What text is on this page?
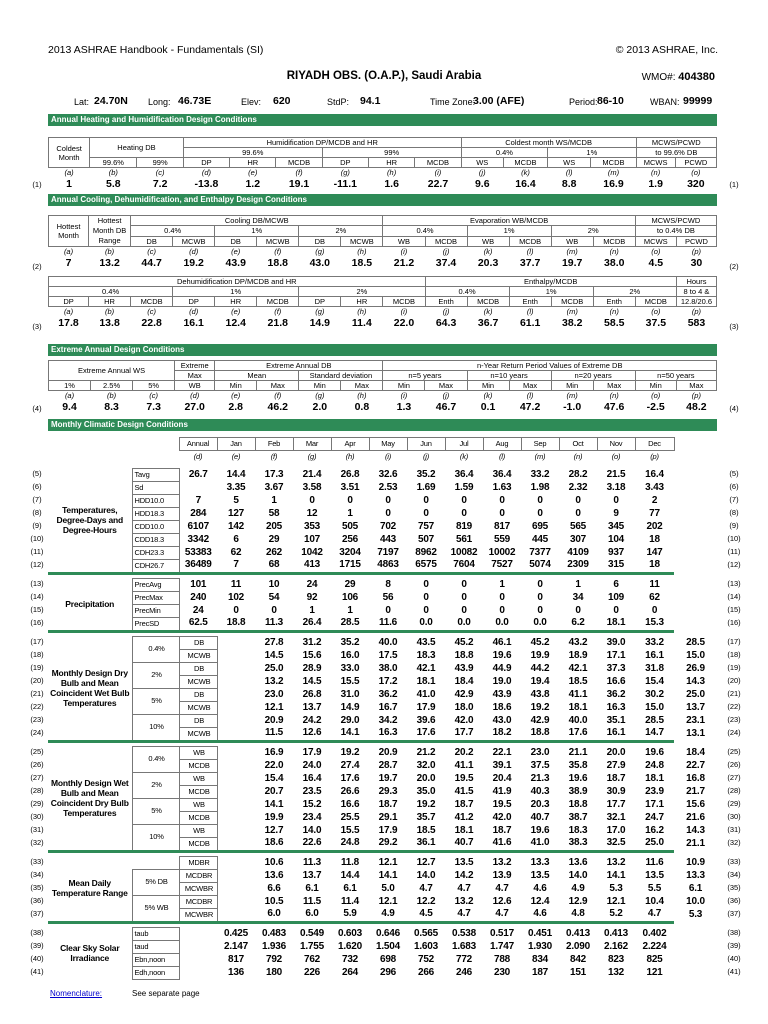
2013 ASHRAE Handbook - Fundamentals (SI)	© 2013 ASHRAE, Inc.
RIYADH OBS. (O.A.P.), Saudi Arabia	WMO#: 404380
Lat: 24.70N Long: 46.73E	Elev: 620	StdP: 94.1	Time Zone:
3.00 (AFE)	Period: 86-10	WBAN: 99999
Annual Heating and Humidification Design Conditions
Coldest Month	Heating DB		Humidification DP/MCDB and HR						Coldest month WS/MCDB				MCWS/PCWD	
			99.6%			99%			0.4%		1%		to 99.6% DB	
	99.6%	99%	DP	HR	MCDB	DP	HR	MCDB	WS	MCDB	WS	MCDB	MCWS	PCWD
(a)	(b)	(c)	(d)	(e)	(f)	(g)	(h)	(i)	(j)	(k)	(l)	(m)	(n)	(o)
1	5.8	7.2	-13.8	1.2	19.1	-11.1	1.6	22.7	9.6	16.4	8.8	16.9	1.9	320
(1)	(1)
Annual Cooling, Dehumidification, and Enthalpy Design Conditions
Hottest Month	Hottest Month DB Range	Cooling DB/MCWB						Evaporation WB/MCDB						MCWS/PCWD	
		0.4%		1%		2%		0.4%		1%		2%		to 0.4% DB	
		DB	MCWB	DB	MCWB	DB	MCWB	WB	MCDB	WB	MCDB	WB	MCDB	MCWS	PCWD
(a)	(b)	(c)	(d)	(e)	(f)	(g)	(h)	(i)	(j)	(k)	(l)	(m)	(n)	(o)	(p)
7	13.2	44.7	19.2	43.9	18.8	43.0	18.5	21.2	37.4	20.3	37.7	19.7	38.0	4.5	30
(2)	(2)
Dehumidification DP/MCDB and HR									Enthalpy/MCDB						Hours
0.4%			1%			2%			0.4%		1%		2%		8 to 4 &
DP	HR	MCDB	DP	HR	MCDB	DP	HR	MCDB	Enth	MCDB	Enth	MCDB	Enth	MCDB	12.8/20.6
(a)	(b)	(c)	(d)	(e)	(f)	(g)	(h)	(i)	(j)	(k)	(l)	(m)	(n)	(o)	(p)
17.8	13.8	22.8	16.1	12.4	21.8	14.9	11.4	22.0	64.3	36.7	61.1	38.2	58.5	37.5	583
(3)	(3)
Extreme Annual Design Conditions
Extreme Annual WS			Extreme	Extreme Annual DB				n-Year Return Period Values of Extreme DB							
			Max	Mean		Standard deviation		n=5 years		n=10 years		n=20 years		n=50 years	
1%	2.5%	5%	WB	Min	Max	Min	Max	Min	Max	Min	Max	Min	Max	Min	Max
(a)	(b)	(c)	(d)	(e)	(f)	(g)	(h)	(i)	(j)	(k)	(l)	(m)	(n)	(o)	(p)
9.4	8.3	7.3	27.0	2.8	46.2	2.0	0.8	1.3	46.7	0.1	47.2	-1.0	47.6	-2.5	48.2
(4)	(4)
Monthly Climatic Design Conditions
		Annual	Jan	Feb	Mar	Apr	May	Jun	Jul	Aug	Sep	Oct	Nov	Dec	
		(d)	(e)	(f)	(g)	(h)	(i)	(j)	(k)	(l)	(m)	(n)	(o)	(p)	

Temperatures, Degree-Days and Degree-Hours	Tavg	26.7	14.4	17.3	21.4	26.8	32.6	35.2	36.4	36.4	33.2	28.2	21.5	16.4	
	Sd		3.35	3.67	3.58	3.51	2.53	1.69	1.59	1.63	1.98	2.32	3.18	3.43	
	HDD10.0	7	5	1	0	0	0	0	0	0	0	0	0	2	
	HDD18.3	284	127	58	12	1	0	0	0	0	0	0	9	77	
	CDD10.0	6107	142	205	353	505	702	757	819	817	695	565	345	202	
	CDD18.3	3342	6	29	107	256	443	507	561	559	445	307	104	18	
	CDH23.3	53383	62	262	1042	3204	7197	8962	10082	10002	7377	4109	937	147	
	CDH26.7	36489	7	68	413	1715	4863	6575	7604	7527	5074	2309	315	18	

Precipitation	PrecAvg	101	11	10	24	29	8	0	0	1	0	1	6	11	
	PrecMax	240	102	54	92	106	56	0	0	0	0	34	109	62	
	PrecMin	24	0	0	1	1	0	0	0	0	0	0	0	0	
	PrecSD	62.5	18.8	11.3	26.4	28.5	11.6	0.0	0.0	0.0	0.0	6.2	18.1	15.3	

Monthly Design Dry Bulb and Mean Coincident Wet Bulb Temperatures	0.4%	DB		27.8	31.2	35.2	40.0	43.5	45.2	46.1	45.2	43.2	39.0	33.2	28.5
		MCWB		14.5	15.6	16.0	17.5	18.3	18.8	19.6	19.9	18.9	17.1	16.1	15.0
	2%	DB		25.0	28.9	33.0	38.0	42.1	43.9	44.9	44.2	42.1	37.3	31.8	26.9
		MCWB		13.2	14.5	15.5	17.2	18.1	18.4	19.0	19.4	18.5	16.6	15.4	14.3
	5%	DB		23.0	26.8	31.0	36.2	41.0	42.9	43.9	43.8	41.1	36.2	30.2	25.0
		MCWB		12.1	13.7	14.9	16.7	17.9	18.0	18.6	19.2	18.1	16.3	15.0	13.7
	10%	DB		20.9	24.2	29.0	34.2	39.6	42.0	43.0	42.9	40.0	35.1	28.5	23.1
		MCWB		11.5	12.6	14.1	16.3	17.6	17.7	18.2	18.8	17.6	16.1	14.7	13.1

Monthly Design Wet Bulb and Mean Coincident Dry Bulb Temperatures	0.4%	WB		16.9	17.9	19.2	20.9	21.2	20.2	22.1	23.0	21.1	20.0	19.6	18.4
		MCDB		22.0	24.0	27.4	28.7	32.0	41.1	39.1	37.5	35.8	27.9	24.8	22.7
	2%	WB		15.4	16.4	17.6	19.7	20.0	19.5	20.4	21.3	19.6	18.7	18.1	16.8
		MCDB		20.7	23.5	26.6	29.3	35.0	41.5	41.9	40.3	38.9	30.9	23.9	21.7
	5%	WB		14.1	15.2	16.6	18.7	19.2	18.7	19.5	20.3	18.8	17.7	17.1	15.6
		MCDB		19.9	23.4	25.5	29.1	35.7	41.2	42.0	40.7	38.7	32.1	24.7	21.6
	10%	WB		12.7	14.0	15.5	17.9	18.5	18.1	18.7	19.6	18.3	17.0	16.2	14.3
		MCDB		18.6	22.6	24.8	29.2	36.1	40.7	41.6	41.0	38.3	32.5	25.0	21.1

Mean Daily Temperature Range		MDBR		10.6	11.3	11.8	12.1	12.7	13.5	13.2	13.3	13.6	13.2	11.6	10.9
	5% DB	MCDBR		13.6	13.7	14.4	14.1	14.0	14.2	13.9	13.5	14.0	14.1	13.5	13.3
		MCWBR		6.6	6.1	6.1	5.0	4.7	4.7	4.7	4.6	4.9	5.3	5.5	6.1
	5% WB	MCDBR		10.5	11.5	11.4	12.1	12.2	13.2	12.6	12.4	12.9	12.1	10.4	10.0
		MCWBR		6.0	6.0	5.9	4.9	4.5	4.7	4.7	4.6	4.8	5.2	4.7	5.3

Clear Sky Solar Irradiance	taub		0.425	0.483	0.549	0.603	0.646	0.565	0.538	0.517	0.451	0.413	0.413	0.402	
	taud		2.147	1.936	1.755	1.620	1.504	1.603	1.683	1.747	1.930	2.090	2.162	2.224	
	Ebn,noon		817	792	762	732	698	752	772	788	834	842	823	825	
	Edh,noon		136	180	226	264	296	266	246	230	187	151	132	121	
Nomenclature:	See separate page
(5)	(5)
(6)	(6)
(7)	(7)
(8)	(8)
(9)	(9)
(10)	(10)
(11)	(11)
(12)	(12)
(13)	(13)
(14)	(14)
(15)	(15)
(16)	(16)
(17)	(17)
(18)	(18)
(19)	(19)
(20)	(20)
(21)	(21)
(22)	(22)
(23)	(23)
(24)	(24)
(25)	(25)
(26)	(26)
(27)	(27)
(28)	(28)
(29)	(29)
(30)	(30)
(31)	(31)
(32)	(32)
(33)	(33)
(34)	(34)
(35)	(35)
(36)	(36)
(37)	(37)
(38)	(38)
(39)	(39)
(40)	(40)
(41)	(41)
